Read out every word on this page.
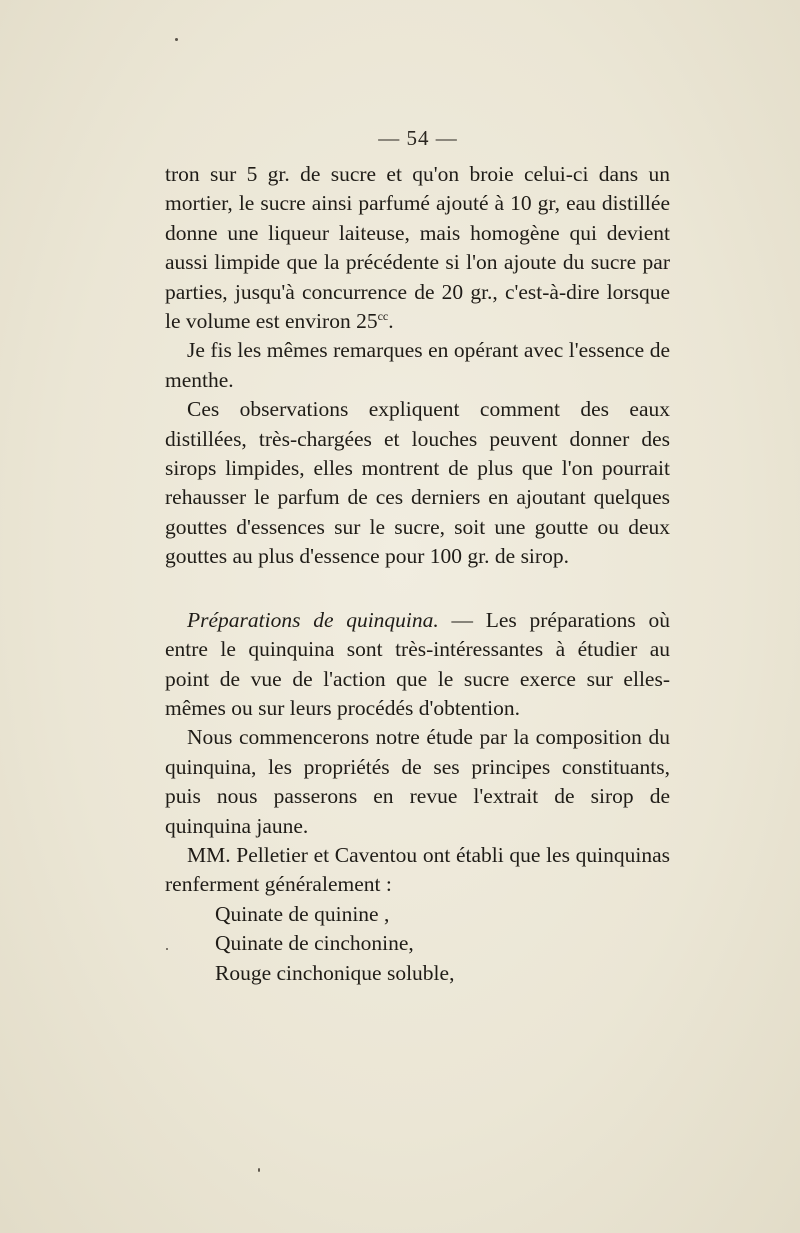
— 54 —

tron sur 5 gr. de sucre et qu'on broie celui-ci dans un mortier, le sucre ainsi parfumé ajouté à 10 gr, eau distillée donne une liqueur laiteuse, mais homogène qui devient aussi limpide que la précédente si l'on ajoute du sucre par parties, jusqu'à concurrence de 20 gr., c'est-à-dire lorsque le volume est environ $25^{cc}$.

Je fis les mêmes remarques en opérant avec l'essence de menthe.

Ces observations expliquent comment des eaux distillées, très-chargées et louches peuvent donner des sirops limpides, elles montrent de plus que l'on pourrait rehausser le parfum de ces derniers en ajoutant quelques gouttes d'essences sur le sucre, soit une goutte ou deux gouttes au plus d'essence pour 100 gr. de sirop.

Préparations de quinquina. — Les préparations où entre le quinquina sont très-intéressantes à étudier au point de vue de l'action que le sucre exerce sur elles-mêmes ou sur leurs procédés d'obtention.

Nous commencerons notre étude par la composition du quinquina, les propriétés de ses principes constituants, puis nous passerons en revue l'extrait de sirop de quinquina jaune.

MM. Pelletier et Caventou ont établi que les quinquinas renferment généralement :

Quinate de quinine ,

Quinate de cinchonine,

Rouge cinchonique soluble,
